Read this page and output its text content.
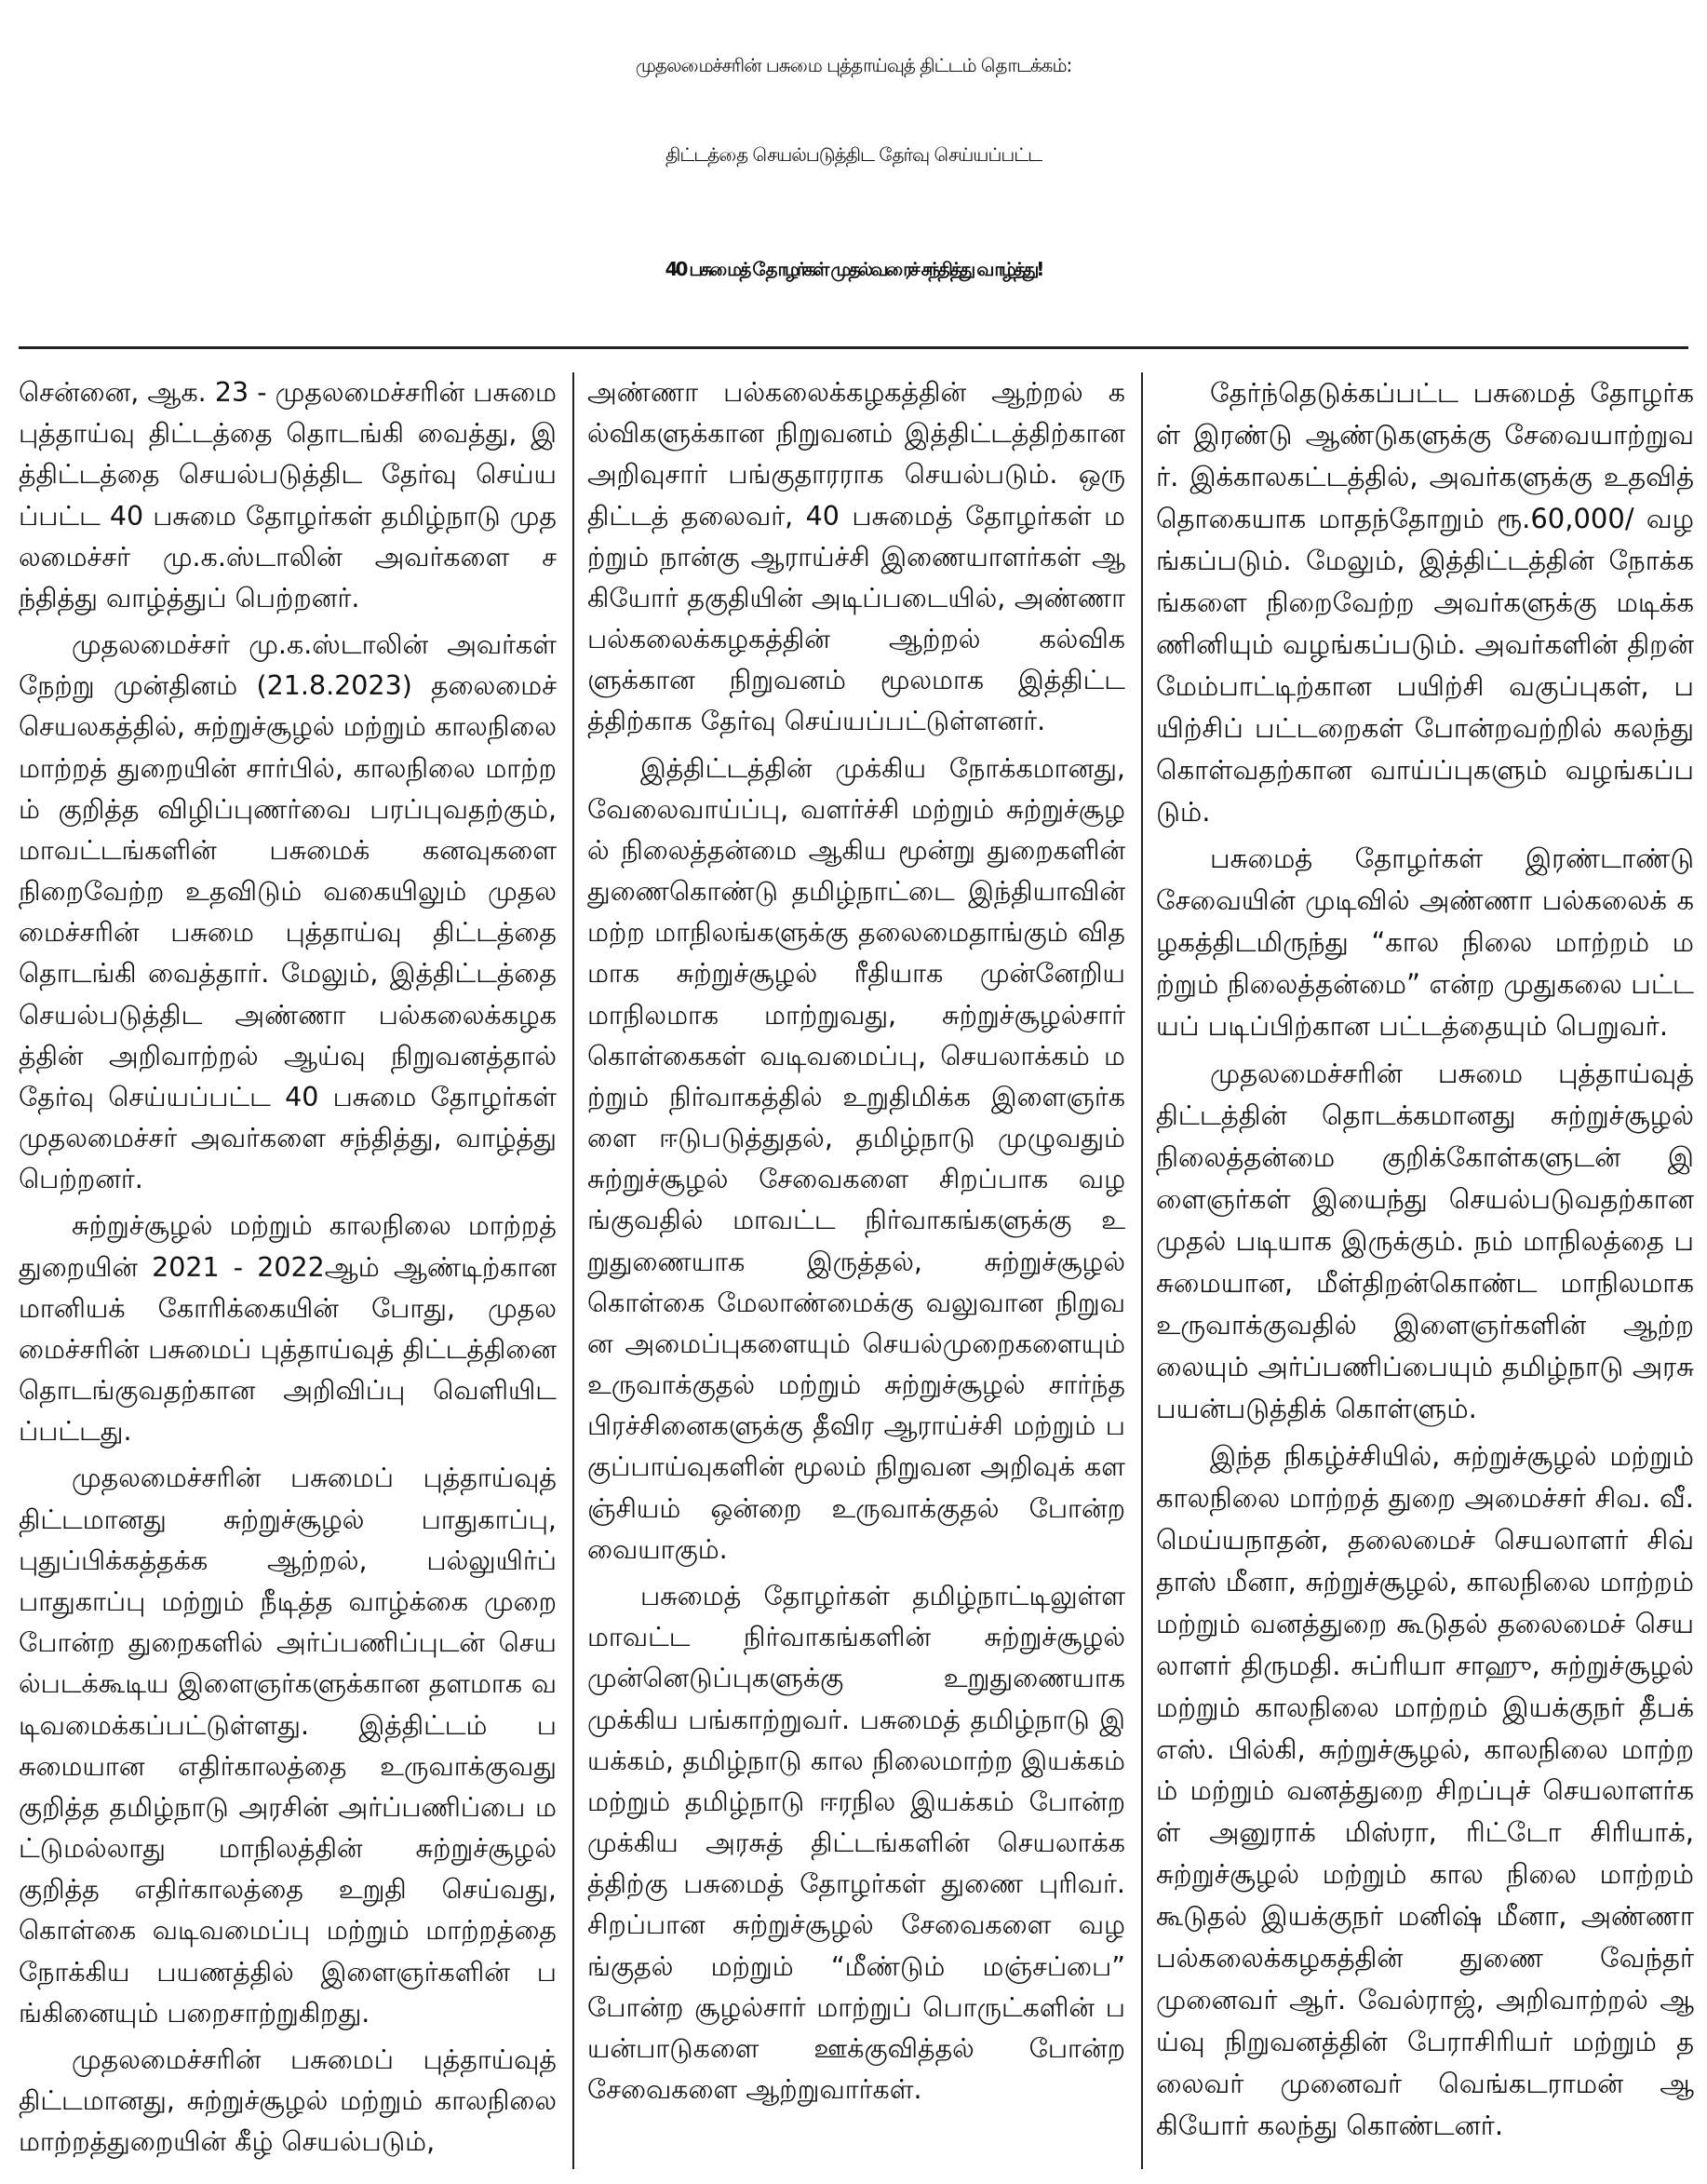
முதலமைச்சரின் பசுமை புத்தாய்வுத் திட்டம் தொடக்கம்:
திட்டத்தை செயல்படுத்திட தேர்வு செய்யப்பட்ட
40 பசுமைத் தோழர்கள் முதல்வரைச் சந்தித்து வாழ்த்து!

சென்னை, ஆக. 23 - முதலமைச்சரின் பசுமை புத்தாய்வு திட்டத்தை தொடங்கி வைத்து, இத்திட்டத்தை செயல்படுத்திட தேர்வு செய்யப்பட்ட 40 பசுமை தோழர்கள் தமிழ்நாடு முதலமைச்சர் மு.க.ஸ்டாலின் அவர்களை சந்தித்து வாழ்த்துப் பெற்றனர்.

முதலமைச்சர் மு.க.ஸ்டாலின் அவர்கள் நேற்று முன்தினம் (21.8.2023) தலைமைச் செயலகத்தில், சுற்றுச்சூழல் மற்றும் காலநிலை மாற்றத் துறையின் சார்பில், காலநிலை மாற்றம் குறித்த விழிப்புணர்வை பரப்புவதற்கும், மாவட்டங்களின் பசுமைக் கனவுகளை நிறைவேற்ற உதவிடும் வகையிலும் முதலமைச்சரின் பசுமை புத்தாய்வு திட்டத்தை தொடங்கி வைத்தார். மேலும், இத்திட்டத்தை செயல்படுத்திட அண்ணா பல்கலைக்கழகத்தின் அறிவாற்றல் ஆய்வு நிறுவனத்தால் தேர்வு செய்யப்பட்ட 40 பசுமை தோழர்கள் முதலமைச்சர் அவர்களை சந்தித்து, வாழ்த்து பெற்றனர்.

சுற்றுச்சூழல் மற்றும் காலநிலை மாற்றத் துறையின் 2021 - 2022ஆம் ஆண்டிற்கான மானியக் கோரிக்கையின் போது, முதலமைச்சரின் பசுமைப் புத்தாய்வுத் திட்டத்தினை தொடங்குவதற்கான அறிவிப்பு வெளியிடப்பட்டது.

முதலமைச்சரின் பசுமைப் புத்தாய்வுத் திட்டமானது சுற்றுச்சூழல் பாதுகாப்பு, புதுப்பிக்கத்தக்க ஆற்றல், பல்லுயிர்ப் பாதுகாப்பு மற்றும் நீடித்த வாழ்க்கை முறை போன்ற துறைகளில் அர்ப்பணிப்புடன் செயல்படக்கூடிய இளைஞர்களுக்கான தளமாக வடிவமைக்கப்பட்டுள்ளது. இத்திட்டம் பசுமையான எதிர்காலத்தை உருவாக்குவது குறித்த தமிழ்நாடு அரசின் அர்ப்பணிப்பை மட்டுமல்லாது மாநிலத்தின் சுற்றுச்சூழல் குறித்த எதிர்காலத்தை உறுதி செய்வது, கொள்கை வடிவமைப்பு மற்றும் மாற்றத்தை நோக்கிய பயணத்தில் இளைஞர்களின் பங்கினையும் பறைசாற்றுகிறது.

முதலமைச்சரின் பசுமைப் புத்தாய்வுத் திட்டமானது, சுற்றுச்சூழல் மற்றும் காலநிலை மாற்றத்துறையின் கீழ் செயல்படும்,

அண்ணா பல்கலைக்கழகத்தின் ஆற்றல் கல்விகளுக்கான நிறுவனம் இத்திட்டத்திற்கான அறிவுசார் பங்குதாரராக செயல்படும். ஒரு திட்டத் தலைவர், 40 பசுமைத் தோழர்கள் மற்றும் நான்கு ஆராய்ச்சி இணையாளர்கள் ஆகியோர் தகுதியின் அடிப்படையில், அண்ணா பல்கலைக்கழகத்தின் ஆற்றல் கல்விகளுக்கான நிறுவனம் மூலமாக இத்திட்டத்திற்காக தேர்வு செய்யப்பட்டுள்ளனர்.

இத்திட்டத்தின் முக்கிய நோக்கமானது, வேலைவாய்ப்பு, வளர்ச்சி மற்றும் சுற்றுச்சூழல் நிலைத்தன்மை ஆகிய மூன்று துறைகளின் துணைகொண்டு தமிழ்நாட்டை இந்தியாவின் மற்ற மாநிலங்களுக்கு தலைமைதாங்கும் விதமாக சுற்றுச்சூழல் ரீதியாக முன்னேறிய மாநிலமாக மாற்றுவது, சுற்றுச்சூழல்சார் கொள்கைகள் வடிவமைப்பு, செயலாக்கம் மற்றும் நிர்வாகத்தில் உறுதிமிக்க இளைஞர்களை ஈடுபடுத்துதல், தமிழ்நாடு முழுவதும் சுற்றுச்சூழல் சேவைகளை சிறப்பாக வழங்குவதில் மாவட்ட நிர்வாகங்களுக்கு உறுதுணையாக இருத்தல், சுற்றுச்சூழல் கொள்கை மேலாண்மைக்கு வலுவான நிறுவன அமைப்புகளையும் செயல்முறைகளையும் உருவாக்குதல் மற்றும் சுற்றுச்சூழல் சார்ந்த பிரச்சினைகளுக்கு தீவிர ஆராய்ச்சி மற்றும் பகுப்பாய்வுகளின் மூலம் நிறுவன அறிவுக் களஞ்சியம் ஒன்றை உருவாக்குதல் போன்றவையாகும்.

பசுமைத் தோழர்கள் தமிழ்நாட்டிலுள்ள மாவட்ட நிர்வாகங்களின் சுற்றுச்சூழல் முன்னெடுப்புகளுக்கு உறுதுணையாக முக்கிய பங்காற்றுவர். பசுமைத் தமிழ்நாடு இயக்கம், தமிழ்நாடு கால நிலைமாற்ற இயக்கம் மற்றும் தமிழ்நாடு ஈரநில இயக்கம் போன்ற முக்கிய அரசுத் திட்டங்களின் செயலாக்கத்திற்கு பசுமைத் தோழர்கள் துணை புரிவர். சிறப்பான சுற்றுச்சூழல் சேவைகளை வழங்குதல் மற்றும் “மீண்டும் மஞ்சப்பை” போன்ற சூழல்சார் மாற்றுப் பொருட்களின் பயன்பாடுகளை ஊக்குவித்தல் போன்ற சேவைகளை ஆற்றுவார்கள்.

தேர்ந்தெடுக்கப்பட்ட பசுமைத் தோழர்கள் இரண்டு ஆண்டுகளுக்கு சேவையாற்றுவர். இக்காலகட்டத்தில், அவர்களுக்கு உதவித் தொகையாக மாதந்தோறும் ரூ.60,000/ வழங்கப்படும். மேலும், இத்திட்டத்தின் நோக்கங்களை நிறைவேற்ற அவர்களுக்கு மடிக்கணினியும் வழங்கப்படும். அவர்களின் திறன் மேம்பாட்டிற்கான பயிற்சி வகுப்புகள், பயிற்சிப் பட்டறைகள் போன்றவற்றில் கலந்து கொள்வதற்கான வாய்ப்புகளும் வழங்கப்படும்.

பசுமைத் தோழர்கள் இரண்டாண்டு சேவையின் முடிவில் அண்ணா பல்கலைக் கழகத்திடமிருந்து “கால நிலை மாற்றம் மற்றும் நிலைத்தன்மை” என்ற முதுகலை பட்டயப் படிப்பிற்கான பட்டத்தையும் பெறுவர்.

முதலமைச்சரின் பசுமை புத்தாய்வுத் திட்டத்தின் தொடக்கமானது சுற்றுச்சூழல் நிலைத்தன்மை குறிக்கோள்களுடன் இளைஞர்கள் இயைந்து செயல்படுவதற்கான முதல் படியாக இருக்கும். நம் மாநிலத்தை பசுமையான, மீள்திறன்கொண்ட மாநிலமாக உருவாக்குவதில் இளைஞர்களின் ஆற்றலையும் அர்ப்பணிப்பையும் தமிழ்நாடு அரசு பயன்படுத்திக் கொள்ளும்.

இந்த நிகழ்ச்சியில், சுற்றுச்சூழல் மற்றும் காலநிலை மாற்றத் துறை அமைச்சர் சிவ. வீ. மெய்யநாதன், தலைமைச் செயலாளர் சிவ் தாஸ் மீனா, சுற்றுச்சூழல், காலநிலை மாற்றம் மற்றும் வனத்துறை கூடுதல் தலைமைச் செயலாளர் திருமதி. சுப்ரியா சாஹு, சுற்றுச்சூழல் மற்றும் காலநிலை மாற்றம் இயக்குநர் தீபக் எஸ். பில்கி, சுற்றுச்சூழல், காலநிலை மாற்றம் மற்றும் வனத்துறை சிறப்புச் செயலாளர்கள் அனுராக் மிஸ்ரா, ரிட்டோ சிரியாக், சுற்றுச்சூழல் மற்றும் கால நிலை மாற்றம் கூடுதல் இயக்குநர் மனிஷ் மீனா, அண்ணா பல்கலைக்கழகத்தின் துணை வேந்தர் முனைவர் ஆர். வேல்ராஜ், அறிவாற்றல் ஆய்வு நிறுவனத்தின் பேராசிரியர் மற்றும் தலைவர் முனைவர் வெங்கடராமன் ஆகியோர் கலந்து கொண்டனர்.
